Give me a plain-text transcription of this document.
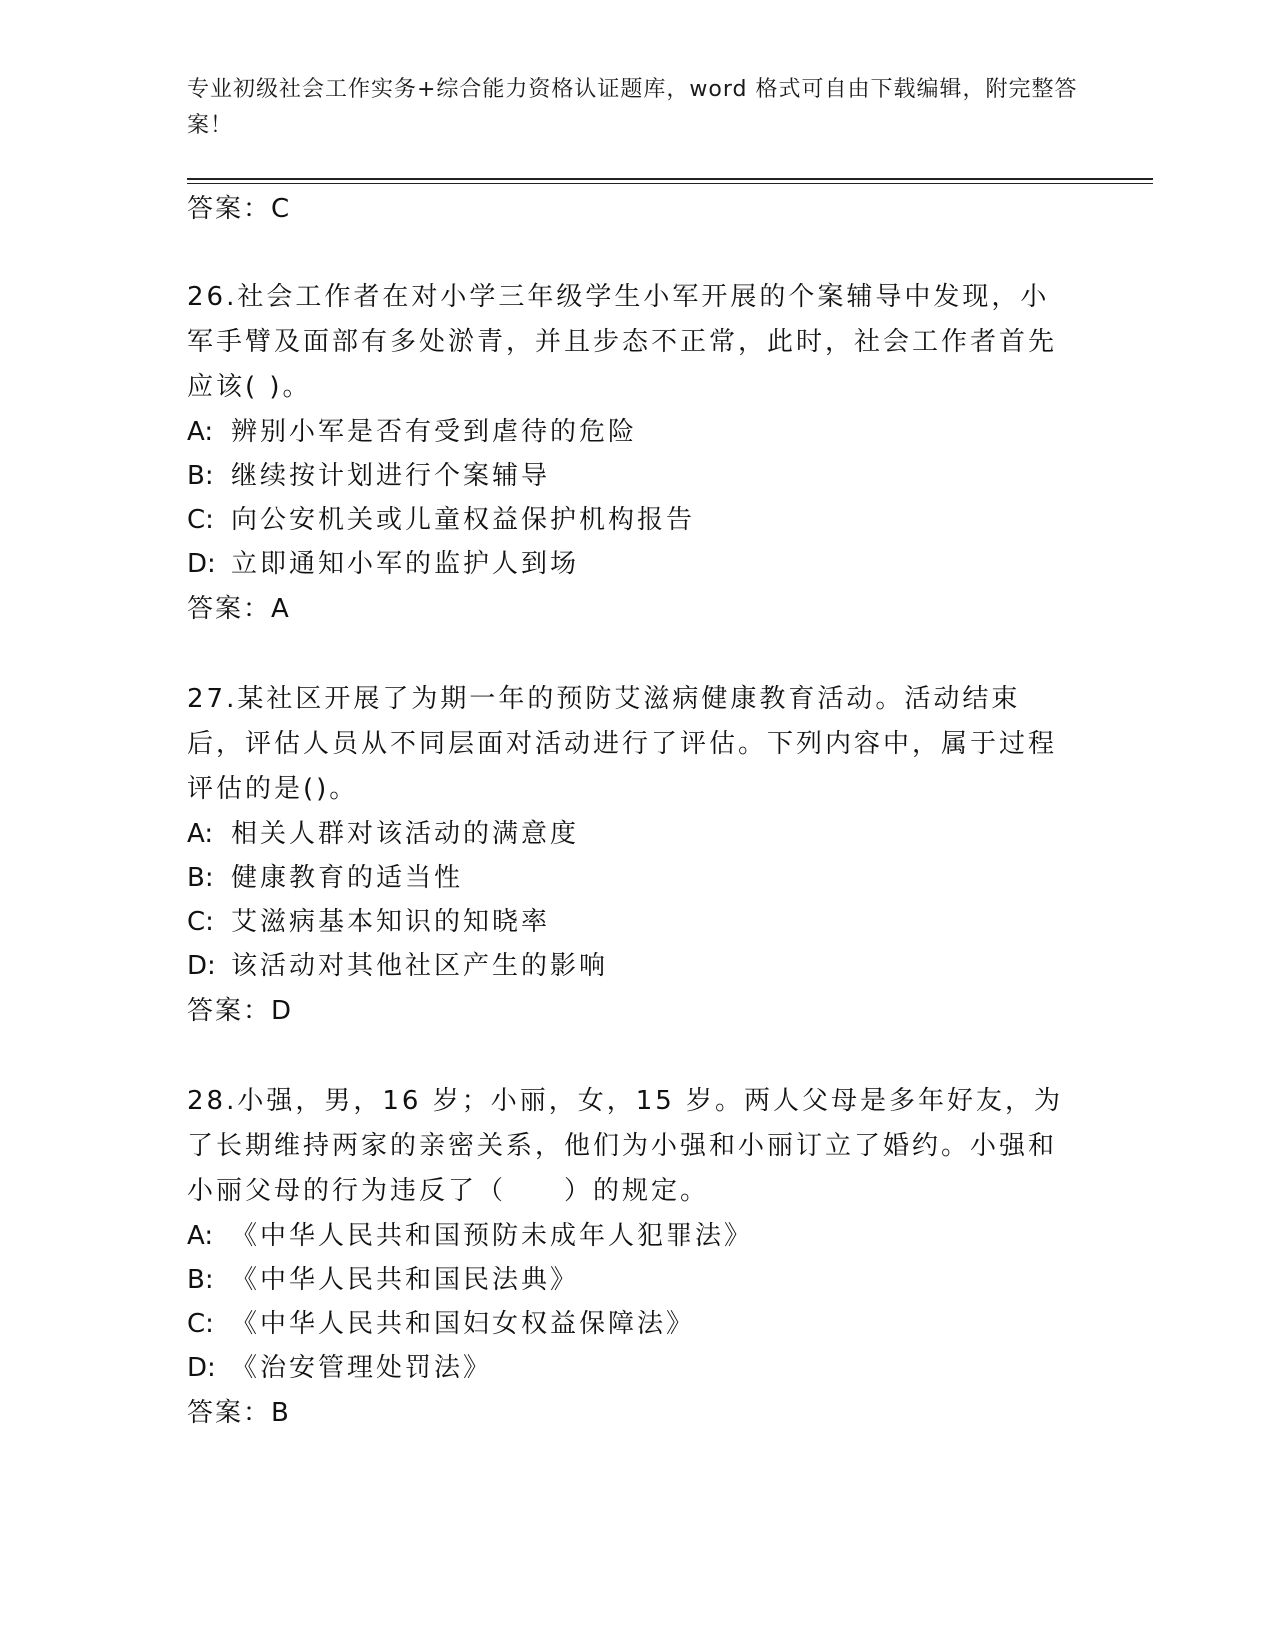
专业初级社会工作实务+综合能力资格认证题库，word 格式可自由下载编辑，附完整答案！
答案：C
26.社会工作者在对小学三年级学生小军开展的个案辅导中发现，小军手臂及面部有多处淤青，并且步态不正常，此时，社会工作者首先应该( )。
A: 辨别小军是否有受到虐待的危险
B: 继续按计划进行个案辅导
C: 向公安机关或儿童权益保护机构报告
D: 立即通知小军的监护人到场
答案：A
27.某社区开展了为期一年的预防艾滋病健康教育活动。活动结束后，评估人员从不同层面对活动进行了评估。下列内容中，属于过程评估的是()。
A: 相关人群对该活动的满意度
B: 健康教育的适当性
C: 艾滋病基本知识的知晓率
D: 该活动对其他社区产生的影响
答案：D
28.小强，男，16 岁；小丽，女，15 岁。两人父母是多年好友，为了长期维持两家的亲密关系，他们为小强和小丽订立了婚约。小强和小丽父母的行为违反了（　　）的规定。
A: 《中华人民共和国预防未成年人犯罪法》
B: 《中华人民共和国民法典》
C: 《中华人民共和国妇女权益保障法》
D: 《治安管理处罚法》
答案：B
